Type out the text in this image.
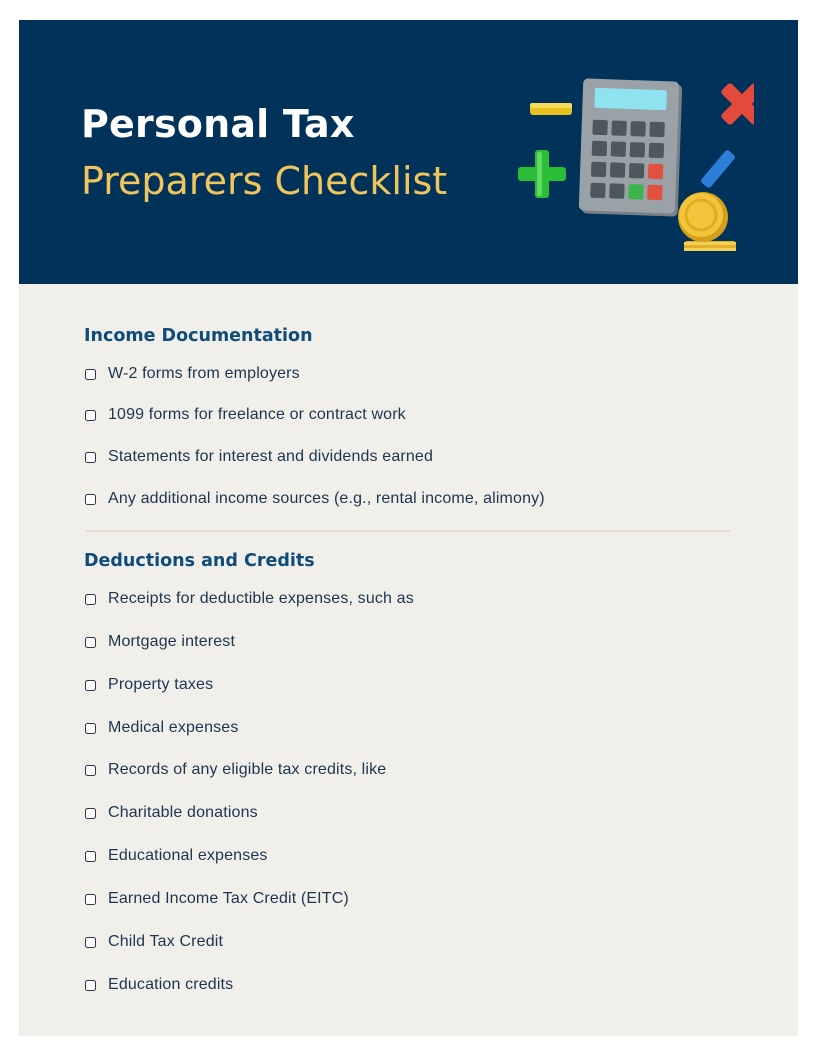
Personal Tax
Preparers Checklist
Income Documentation
W-2 forms from employers
1099 forms for freelance or contract work
Statements for interest and dividends earned
Any additional income sources (e.g., rental income, alimony)
Deductions and Credits
Receipts for deductible expenses, such as
Mortgage interest
Property taxes
Medical expenses
Records of any eligible tax credits, like
Charitable donations
Educational expenses
Earned Income Tax Credit (EITC)
Child Tax Credit
Education credits
